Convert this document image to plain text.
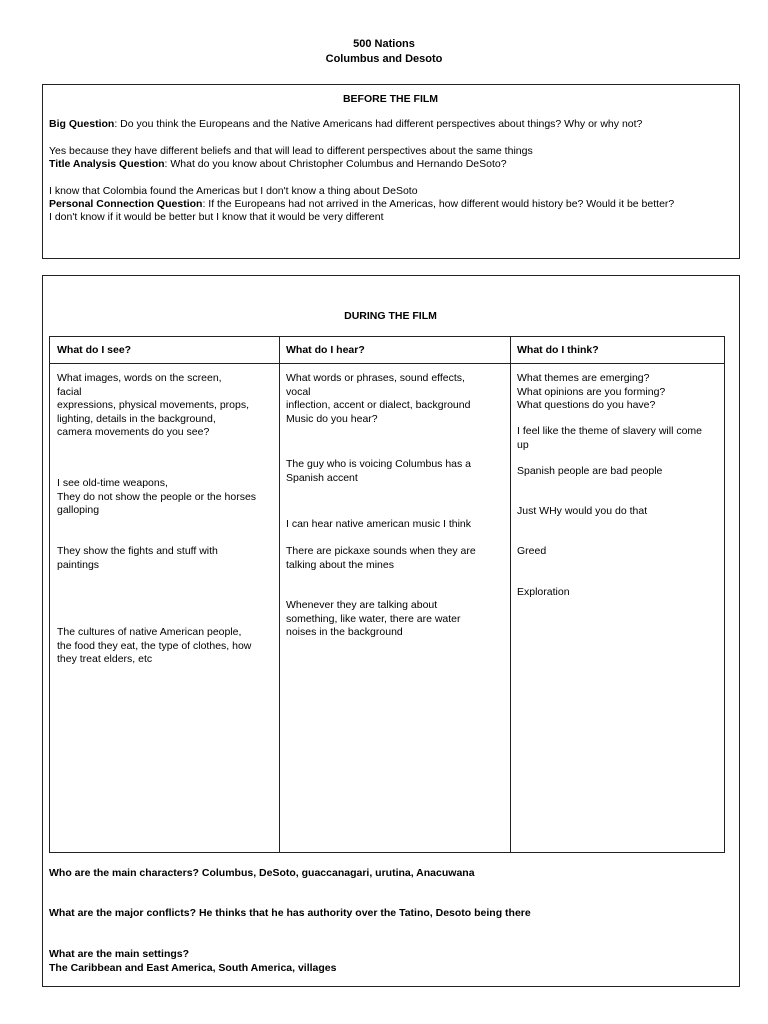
500 Nations
Columbus and Desoto
BEFORE THE FILM
Big Question: Do you think the Europeans and the Native Americans had different perspectives about things? Why or why not?
Yes because they have different beliefs and that will lead to different perspectives about the same things
Title Analysis Question: What do you know about Christopher Columbus and Hernando DeSoto?
I know that Colombia found the Americas but I don't know a thing about DeSoto
Personal Connection Question: If the Europeans had not arrived in the Americas, how different would history be? Would it be better?
I don't know if it would be better but I know that it would be very different
DURING THE FILM
What do I see?	What do I hear?	What do I think?
What images, words on the screen,
facial
expressions, physical movements, props,
lighting, details in the background,
camera movements do you see?
I see old-time weapons,
They do not show the people or the horses
galloping
They show the fights and stuff with
paintings
The cultures of native American people,
the food they eat, the type of clothes, how
they treat elders, etc
What words or phrases, sound effects,
vocal
inflection, accent or dialect, background
Music do you hear?
The guy who is voicing Columbus has a
Spanish accent
I can hear native american music I think
There are pickaxe sounds when they are
talking about the mines
Whenever they are talking about
something, like water, there are water
noises in the background
What themes are emerging?
What opinions are you forming?
What questions do you have?
I feel like the theme of slavery will come
up
Spanish people are bad people
Just WHy would you do that
Greed
Exploration
Who are the main characters? Columbus, DeSoto, guaccanagari, urutina, Anacuwana
What are the major conflicts? He thinks that he has authority over the Tatino, Desoto being there
What are the main settings?
The Caribbean and East America, South America, villages
